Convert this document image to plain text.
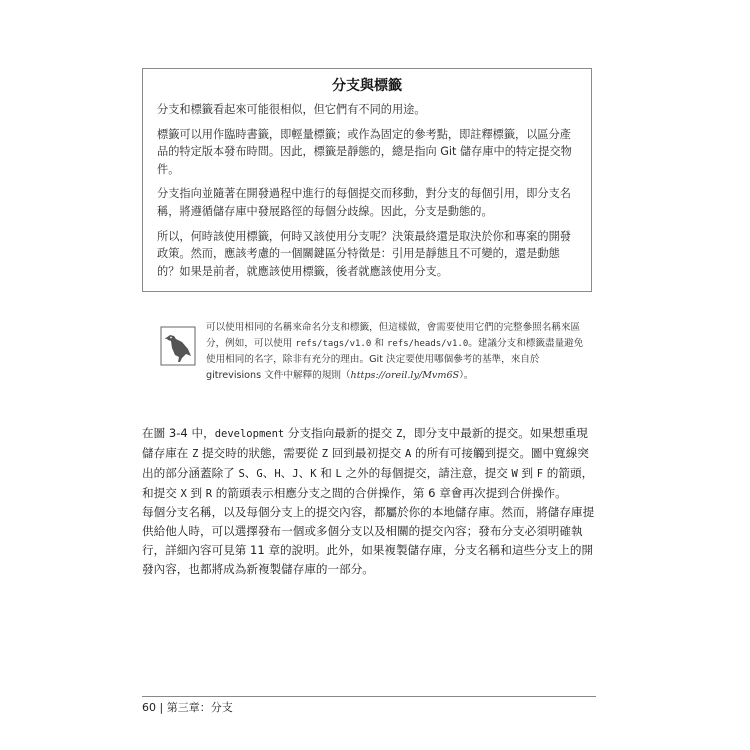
分支與標籤

分支和標籤看起來可能很相似，但它們有不同的用途。

標籤可以用作臨時書籤，即輕量標籤；或作為固定的參考點，即註釋標籤，以區分產品的特定版本發布時間。因此，標籤是靜態的，總是指向 Git 儲存庫中的特定提交物件。

分支指向並隨著在開發過程中進行的每個提交而移動，對分支的每個引用，即分支名稱，將遵循儲存庫中發展路徑的每個分歧線。因此，分支是動態的。

所以，何時該使用標籤，何時又該使用分支呢？決策最終還是取決於你和專案的開發政策。然而，應該考慮的一個關鍵區分特徵是：引用是靜態且不可變的，還是動態的？如果是前者，就應該使用標籤，後者就應該使用分支。

可以使用相同的名稱來命名分支和標籤，但這樣做，會需要使用它們的完整參照名稱來區分，例如，可以使用 refs/tags/v1.0 和 refs/heads/v1.0。建議分支和標籤盡量避免使用相同的名字，除非有充分的理由。Git 決定要使用哪個參考的基準，來自於 gitrevisions 文件中解釋的規則（https://oreil.ly/Mvm6S）。

在圖 3-4 中，development 分支指向最新的提交 Z，即分支中最新的提交。如果想重現儲存庫在 Z 提交時的狀態，需要從 Z 回到最初提交 A 的所有可接觸到提交。圖中寬線突出的部分涵蓋除了 S、G、H、J、K 和 L 之外的每個提交，請注意，提交 W 到 F 的箭頭，和提交 X 到 R 的箭頭表示相應分支之間的合併操作，第 6 章會再次提到合併操作。

每個分支名稱，以及每個分支上的提交內容，都屬於你的本地儲存庫。然而，將儲存庫提供給他人時，可以選擇發布一個或多個分支以及相關的提交內容；發布分支必須明確執行，詳細內容可見第 11 章的說明。此外，如果複製儲存庫，分支名稱和這些分支上的開發內容，也都將成為新複製儲存庫的一部分。

60 | 第三章：分支
